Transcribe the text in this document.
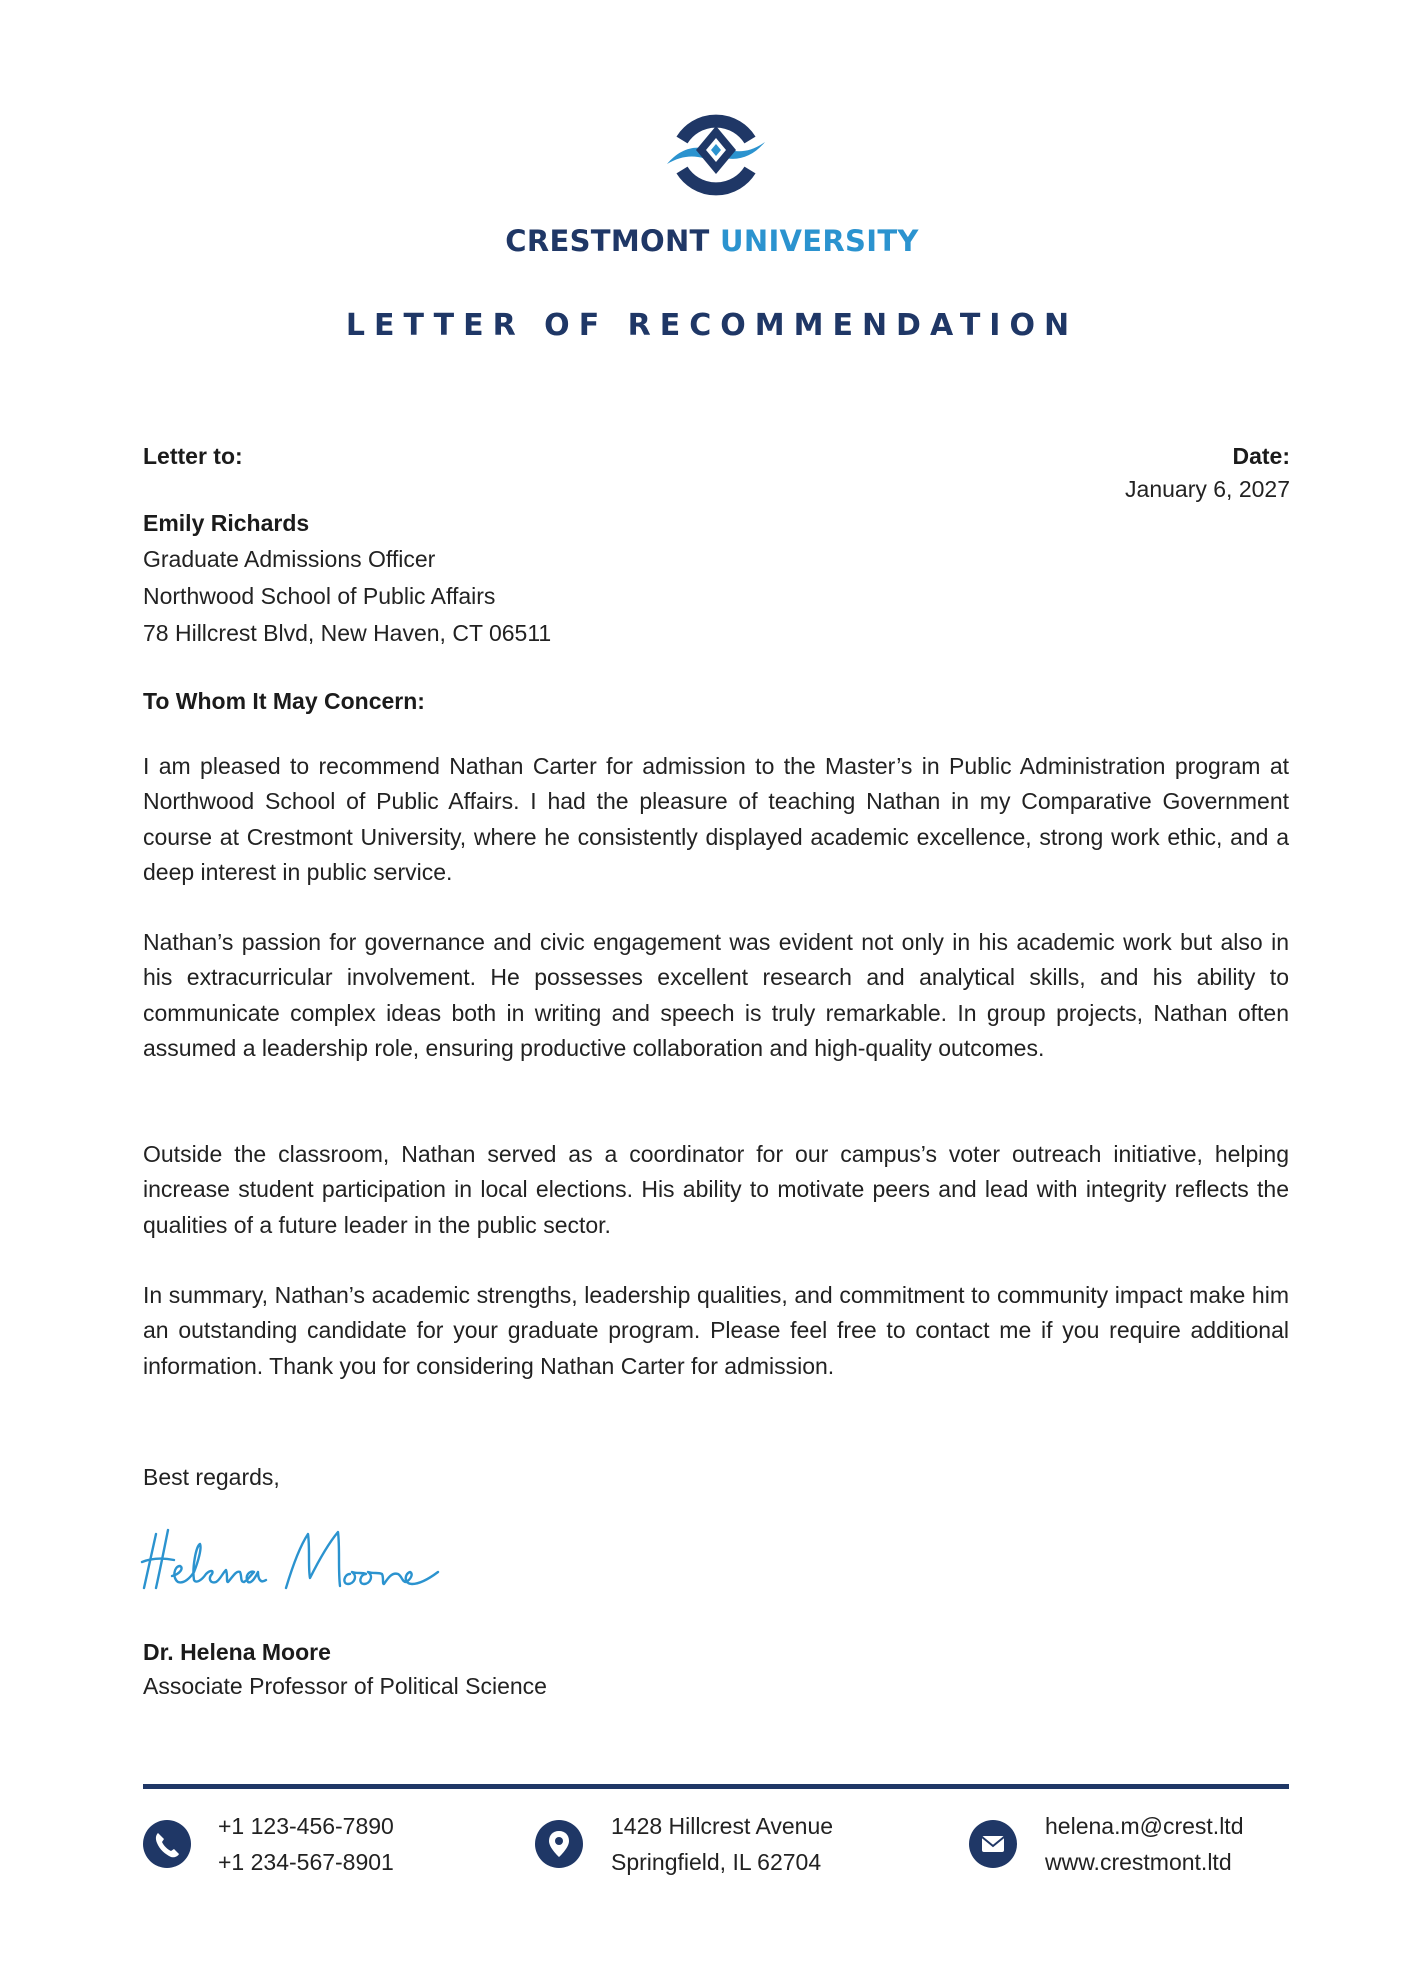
CRESTMONT UNIVERSITY
LETTER OF RECOMMENDATION
Letter to:	Date:
January 6, 2027
Emily Richards
Graduate Admissions Officer
Northwood School of Public Affairs
78 Hillcrest Blvd, New Haven, CT 06511
To Whom It May Concern:
I am pleased to recommend Nathan Carter for admission to the Master’s in Public Administration program at Northwood School of Public Affairs. I had the pleasure of teaching Nathan in my Comparative Government course at Crestmont University, where he consistently displayed academic excellence, strong work ethic, and a deep interest in public service.
Nathan’s passion for governance and civic engagement was evident not only in his academic work but also in his extracurricular involvement. He possesses excellent research and analytical skills, and his ability to communicate complex ideas both in writing and speech is truly remarkable. In group projects, Nathan often assumed a leadership role, ensuring productive collaboration and high-quality outcomes.
Outside the classroom, Nathan served as a coordinator for our campus’s voter outreach initiative, helping increase student participation in local elections. His ability to motivate peers and lead with integrity reflects the qualities of a future leader in the public sector.
In summary, Nathan’s academic strengths, leadership qualities, and commitment to community impact make him an outstanding candidate for your graduate program. Please feel free to contact me if you require additional information. Thank you for considering Nathan Carter for admission.
Best regards,
Dr. Helena Moore
Associate Professor of Political Science
+1 123-456-7890
+1 234-567-8901
1428 Hillcrest Avenue
Springfield, IL 62704
helena.m@crest.ltd
www.crestmont.ltd
